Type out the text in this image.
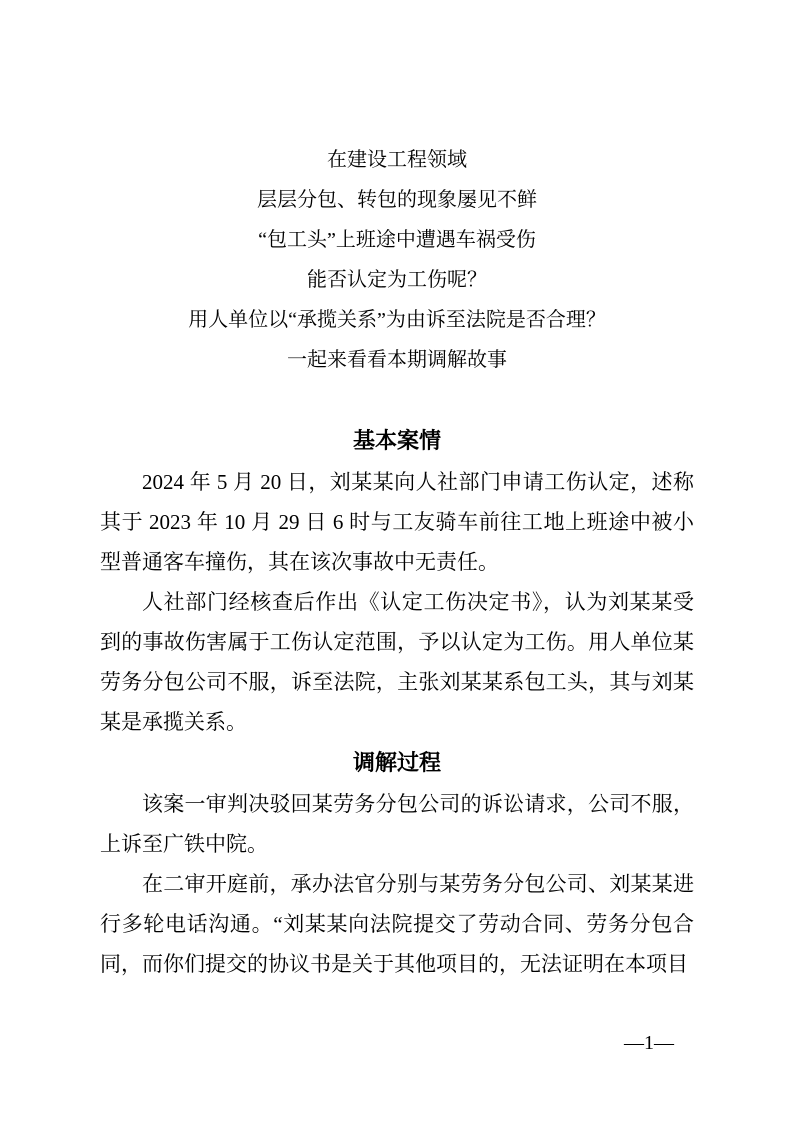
在建设工程领域

层层分包、转包的现象屡见不鲜

“包工头”上班途中遭遇车祸受伤

能否认定为工伤呢？

用人单位以“承揽关系”为由诉至法院是否合理？

一起来看看本期调解故事

基本案情

2024 年 5 月 20 日，刘某某向人社部门申请工伤认定，述称其于 2023 年 10 月 29 日 6 时与工友骑车前往工地上班途中被小型普通客车撞伤，其在该次事故中无责任。

人社部门经核查后作出《认定工伤决定书》，认为刘某某受到的事故伤害属于工伤认定范围，予以认定为工伤。用人单位某劳务分包公司不服，诉至法院，主张刘某某系包工头，其与刘某某是承揽关系。

调解过程

该案一审判决驳回某劳务分包公司的诉讼请求，公司不服，上诉至广铁中院。

在二审开庭前，承办法官分别与某劳务分包公司、刘某某进行多轮电话沟通。“刘某某向法院提交了劳动合同、劳务分包合同，而你们提交的协议书是关于其他项目的，无法证明在本项目

—1—
